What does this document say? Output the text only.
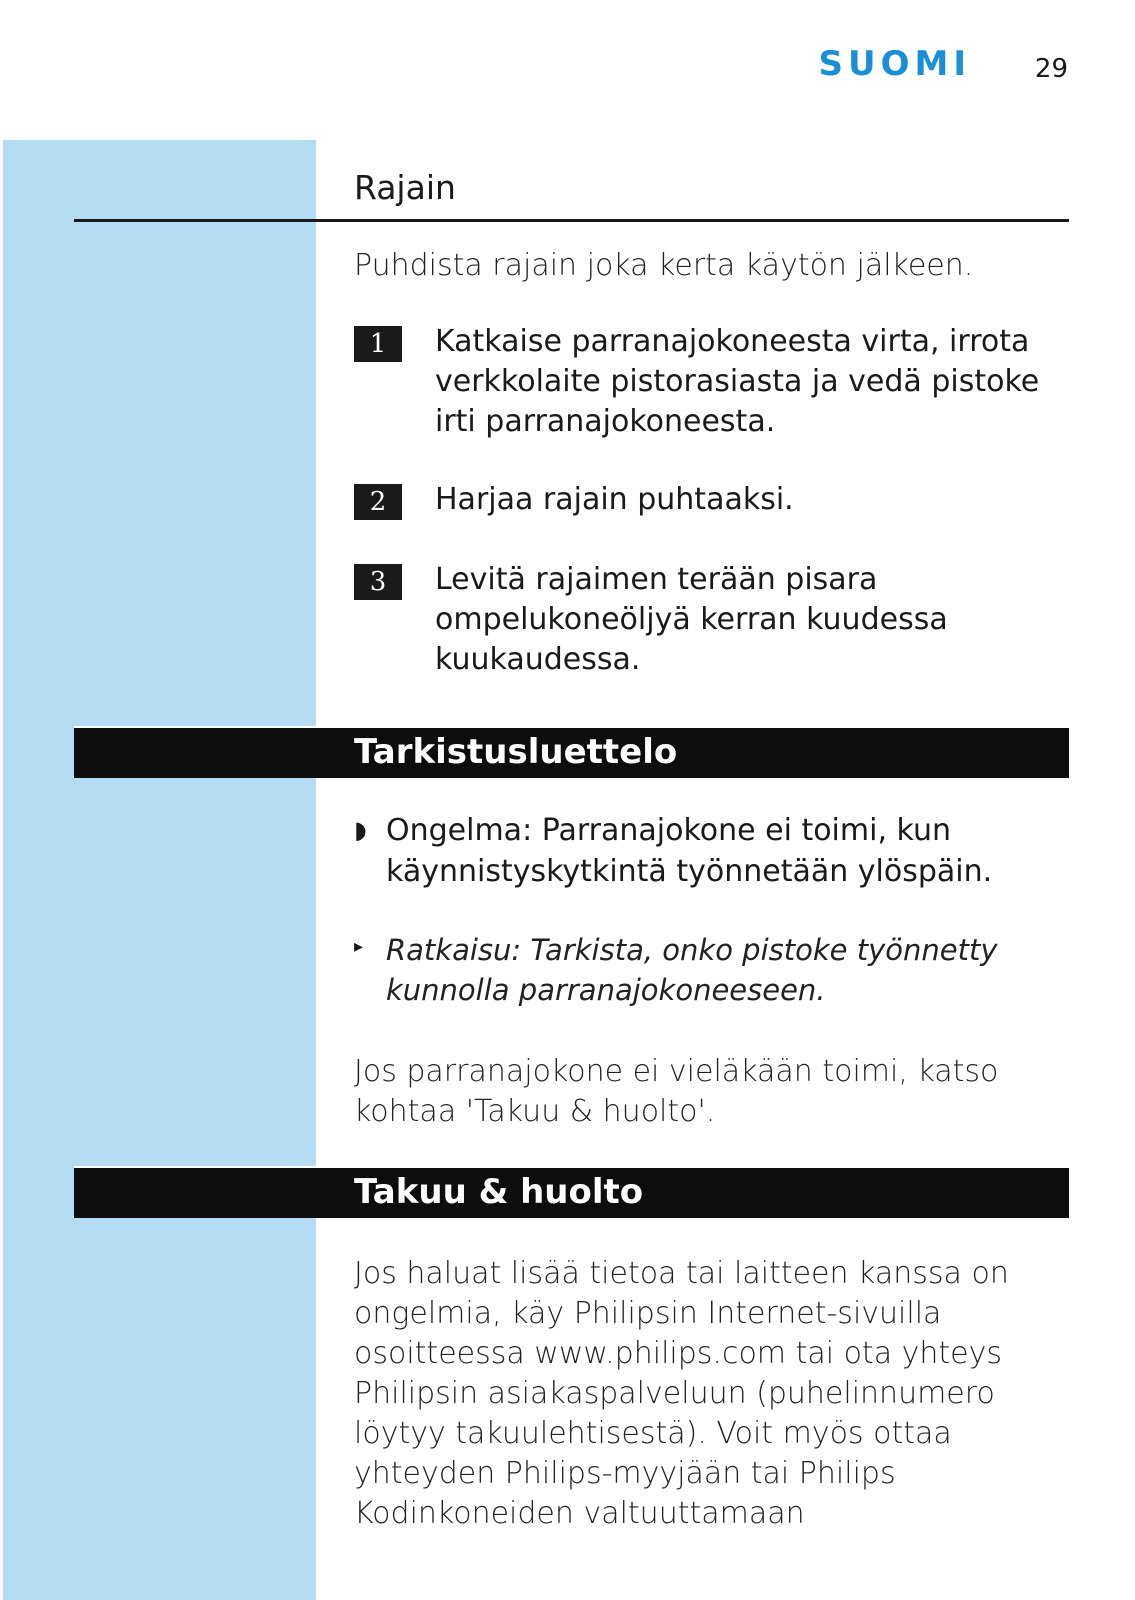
SUOMI 29
Rajain
Puhdista rajain joka kerta käytön jälkeen.
1	Katkaise parranajokoneesta virta, irrota verkkolaite pistorasiasta ja vedä pistoke irti parranajokoneesta.
2	Harjaa rajain puhtaaksi.
3	Levitä rajaimen terään pisara ompelukoneöljyä kerran kuudessa kuukaudessa.
Tarkistusluettelo
◗ Ongelma: Parranajokone ei toimi, kun käynnistyskytkintä työnnetään ylöspäin.
▸ Ratkaisu: Tarkista, onko pistoke työnnetty kunnolla parranajokoneeseen.
Jos parranajokone ei vieläkään toimi, katso kohtaa 'Takuu & huolto'.
Takuu & huolto
Jos haluat lisää tietoa tai laitteen kanssa on ongelmia, käy Philipsin Internet-sivuilla osoitteessa www.philips.com tai ota yhteys Philipsin asiakaspalveluun (puhelinnumero löytyy takuulehtisestä). Voit myös ottaa yhteyden Philips-myyjään tai Philips Kodinkoneiden valtuuttamaan
